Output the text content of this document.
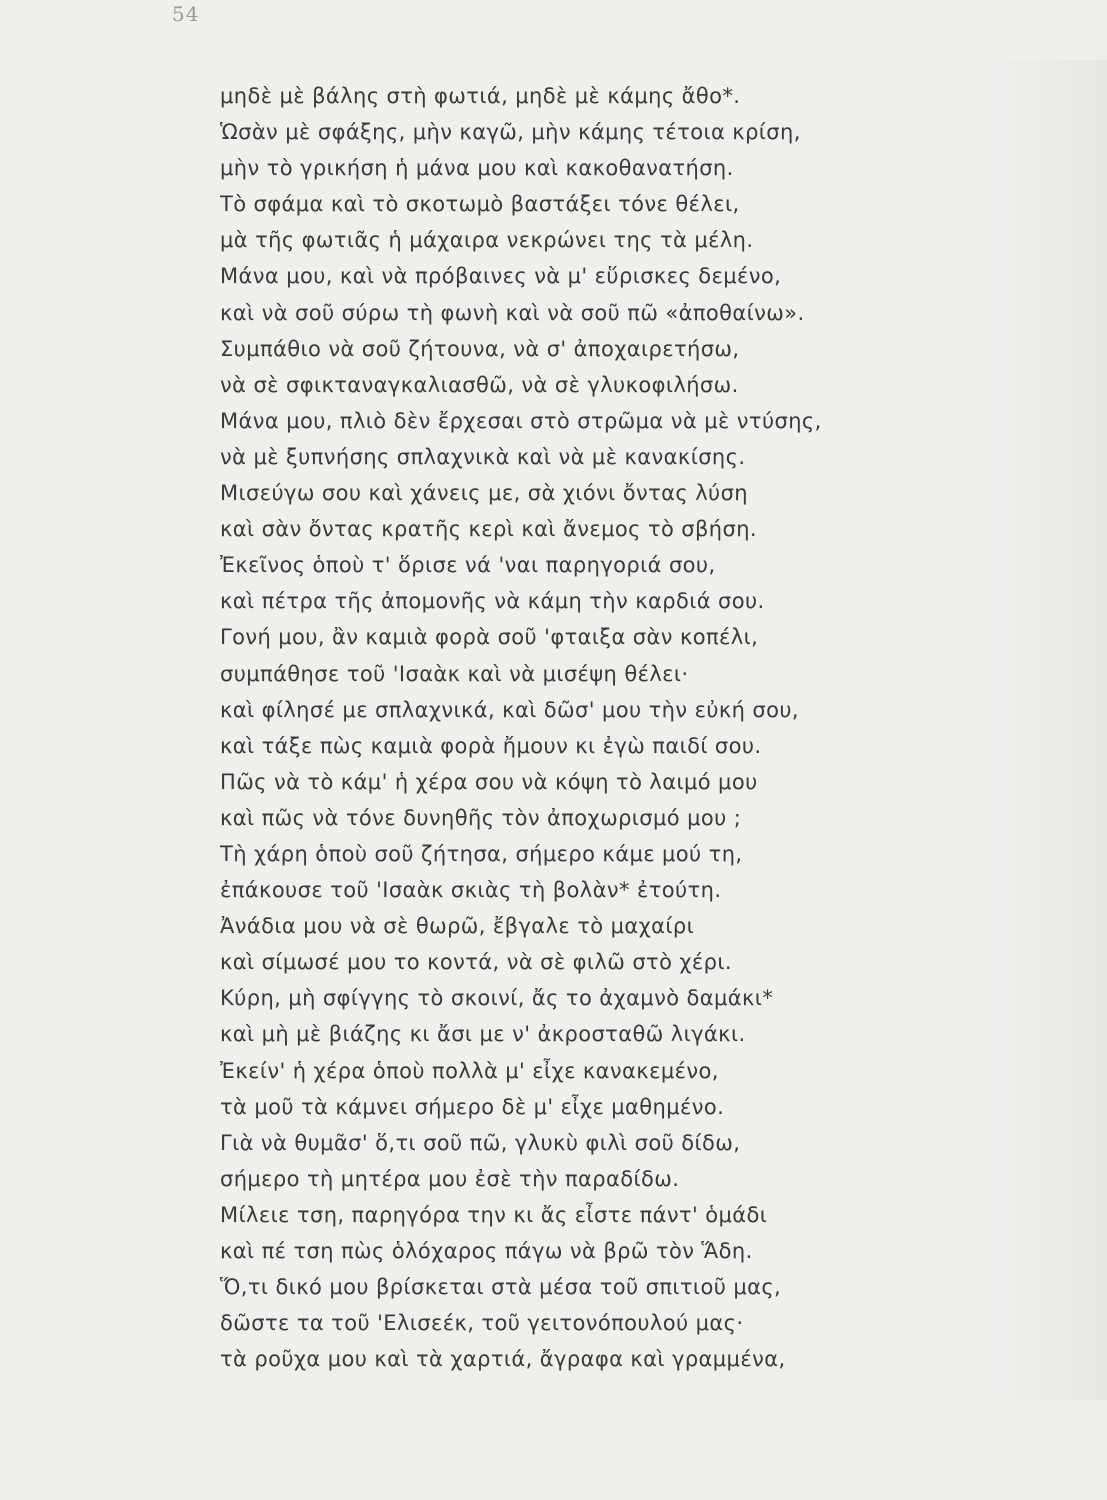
54
μηδὲ μὲ βάλης στὴ φωτιά, μηδὲ μὲ κάμης ἄθο*.
Ὡσὰν μὲ σφάξης, μὴν καγῶ, μὴν κάμης τέτοια κρίση,
μὴν τὸ γρικήση ἡ μάνα μου καὶ κακοθανατήση.
Τὸ σφάμα καὶ τὸ σκοτωμὸ βαστάξει τόνε θέλει,
μὰ τῆς φωτιᾶς ἡ μάχαιρα νεκρώνει της τὰ μέλη.
Μάνα μου, καὶ νὰ πρόβαινες νὰ μ' εὕρισκες δεμένο,
καὶ νὰ σοῦ σύρω τὴ φωνὴ καὶ νὰ σοῦ πῶ «ἀποθαίνω».
Συμπάθιο νὰ σοῦ ζήτουνα, νὰ σ' ἀποχαιρετήσω,
νὰ σὲ σφικταναγκαλιασθῶ, νὰ σὲ γλυκοφιλήσω.
Μάνα μου, πλιὸ δὲν ἔρχεσαι στὸ στρῶμα νὰ μὲ ντύσης,
νὰ μὲ ξυπνήσης σπλαχνικὰ καὶ νὰ μὲ κανακίσης.
Μισεύγω σου καὶ χάνεις με, σὰ χιόνι ὄντας λύση
καὶ σὰν ὄντας κρατῆς κερὶ καὶ ἄνεμος τὸ σβήση.
Ἐκεῖνος ὁποὺ τ' ὅρισε νά 'ναι παρηγοριά σου,
καὶ πέτρα τῆς ἀπομονῆς νὰ κάμη τὴν καρδιά σου.
Γονή μου, ἂν καμιὰ φορὰ σοῦ 'φταιξα σὰν κοπέλι,
συμπάθησε τοῦ 'Ισαὰκ καὶ νὰ μισέψη θέλει·
καὶ φίλησέ με σπλαχνικά, καὶ δῶσ' μου τὴν εὐκή σου,
καὶ τάξε πὼς καμιὰ φορὰ ἤμουν κι ἐγὼ παιδί σου.
Πῶς νὰ τὸ κάμ' ἡ χέρα σου νὰ κόψη τὸ λαιμό μου
καὶ πῶς νὰ τόνε δυνηθῆς τὸν ἀποχωρισμό μου ;
Τὴ χάρη ὁποὺ σοῦ ζήτησα, σήμερο κάμε μού τη,
ἐπάκουσε τοῦ 'Ισαὰκ σκιὰς τὴ βολὰν* ἐτούτη.
Ἀνάδια μου νὰ σὲ θωρῶ, ἔβγαλε τὸ μαχαίρι
καὶ σίμωσέ μου το κοντά, νὰ σὲ φιλῶ στὸ χέρι.
Κύρη, μὴ σφίγγης τὸ σκοινί, ἄς το ἀχαμνὸ δαμάκι*
καὶ μὴ μὲ βιάζης κι ἄσι με ν' ἀκροσταθῶ λιγάκι.
Ἐκείν' ἡ χέρα ὁποὺ πολλὰ μ' εἶχε κανακεμένο,
τὰ μοῦ τὰ κάμνει σήμερο δὲ μ' εἶχε μαθημένο.
Γιὰ νὰ θυμᾶσ' ὅ,τι σοῦ πῶ, γλυκὺ φιλὶ σοῦ δίδω,
σήμερο τὴ μητέρα μου ἐσὲ τὴν παραδίδω.
Μίλειε τση, παρηγόρα την κι ἄς εἶστε πάντ' ὁμάδι
καὶ πέ τση πὼς ὁλόχαρος πάγω νὰ βρῶ τὸν Ἅδη.
Ὅ,τι δικό μου βρίσκεται στὰ μέσα τοῦ σπιτιοῦ μας,
δῶστε τα τοῦ 'Ελισεέκ, τοῦ γειτονόπουλού μας·
τὰ ροῦχα μου καὶ τὰ χαρτιά, ἄγραφα καὶ γραμμένα,
